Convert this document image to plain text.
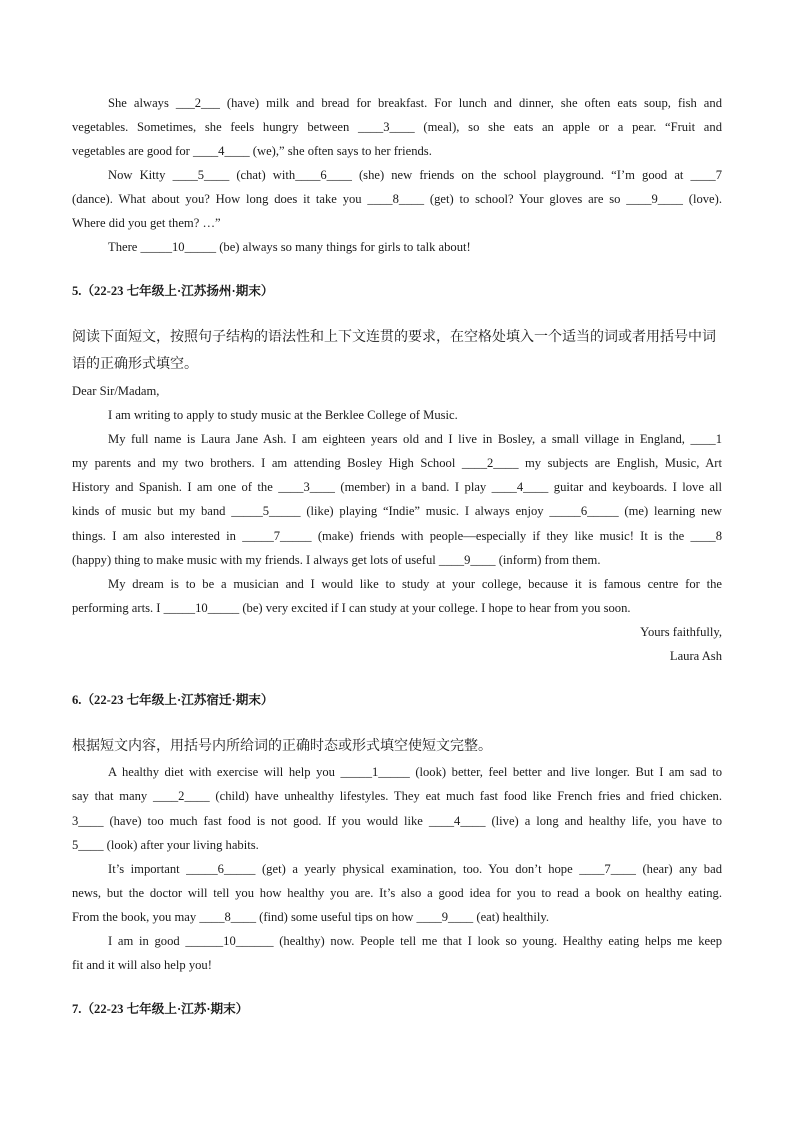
She always ___2___ (have) milk and bread for breakfast. For lunch and dinner, she often eats soup, fish and
vegetables. Sometimes, she feels hungry between ____3____ (meal), so she eats an apple or a pear. “Fruit and
vegetables are good for ____4____ (we),” she often says to her friends.
Now Kitty ____5____ (chat) with____6____ (she) new friends on the school playground. “I’m good at ____7
(dance). What about you? How long does it take you ____8____ (get) to school? Your gloves are so ____9____ (love).
Where did you get them? …”
There _____10_____ (be) always so many things for girls to talk about!
5.（22-23 七年级上·江苏扬州·期末）
阅读下面短文，按照句子结构的语法性和上下文连贯的要求，在空格处填入一个适当的词或者用括号中词
语的正确形式填空。
Dear Sir/Madam,
I am writing to apply to study music at the Berklee College of Music.
My full name is Laura Jane Ash. I am eighteen years old and I live in Bosley, a small village in England, ____1
my parents and my two brothers. I am attending Bosley High School ____2____ my subjects are English, Music, Art
History and Spanish. I am one of the ____3____ (member) in a band. I play ____4____ guitar and keyboards. I love all
kinds of music but my band _____5_____ (like) playing “Indie” music. I always enjoy _____6_____ (me) learning new
things. I am also interested in _____7_____ (make) friends with people—especially if they like music! It is the ____8
(happy) thing to make music with my friends. I always get lots of useful ____9____ (inform) from them.
My dream is to be a musician and I would like to study at your college, because it is famous centre for the
performing arts. I _____10_____ (be) very excited if I can study at your college. I hope to hear from you soon.
Yours faithfully,
Laura Ash
6.（22-23 七年级上·江苏宿迁·期末）
根据短文内容，用括号内所给词的正确时态或形式填空使短文完整。
A healthy diet with exercise will help you _____1_____ (look) better, feel better and live longer. But I am sad to
say that many ____2____ (child) have unhealthy lifestyles. They eat much fast food like French fries and fried chicken.
3____ (have) too much fast food is not good. If you would like ____4____ (live) a long and healthy life, you have to
5____ (look) after your living habits.
It’s important _____6_____ (get) a yearly physical examination, too. You don’t hope ____7____ (hear) any bad
news, but the doctor will tell you how healthy you are. It’s also a good idea for you to read a book on healthy eating.
From the book, you may ____8____ (find) some useful tips on how ____9____ (eat) healthily.
I am in good ______10______ (healthy) now. People tell me that I look so young. Healthy eating helps me keep
fit and it will also help you!
7.（22-23 七年级上·江苏·期末）
